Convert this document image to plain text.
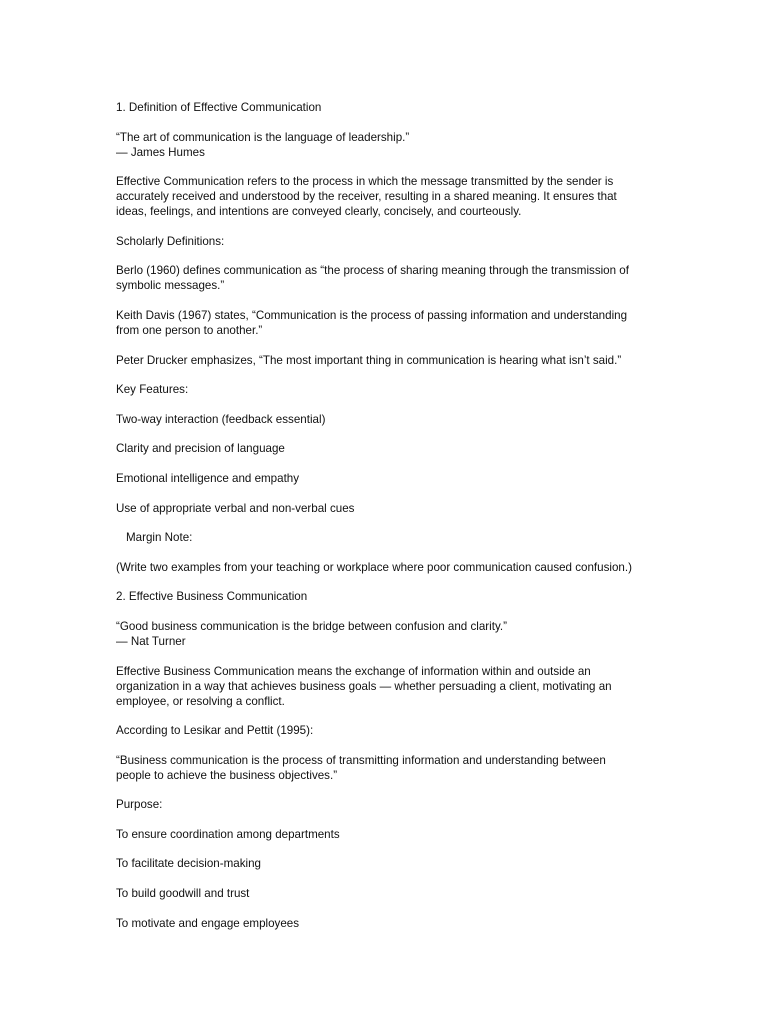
1. Definition of Effective Communication

“The art of communication is the language of leadership.”
— James Humes

Effective Communication refers to the process in which the message transmitted by the sender is
accurately received and understood by the receiver, resulting in a shared meaning. It ensures that
ideas, feelings, and intentions are conveyed clearly, concisely, and courteously.

Scholarly Definitions:

Berlo (1960) defines communication as “the process of sharing meaning through the transmission of
symbolic messages.”

Keith Davis (1967) states, “Communication is the process of passing information and understanding
from one person to another.”

Peter Drucker emphasizes, “The most important thing in communication is hearing what isn’t said.”

Key Features:

Two-way interaction (feedback essential)

Clarity and precision of language

Emotional intelligence and empathy

Use of appropriate verbal and non-verbal cues

Margin Note:

(Write two examples from your teaching or workplace where poor communication caused confusion.)

2. Effective Business Communication

“Good business communication is the bridge between confusion and clarity.”
— Nat Turner

Effective Business Communication means the exchange of information within and outside an
organization in a way that achieves business goals — whether persuading a client, motivating an
employee, or resolving a conflict.

According to Lesikar and Pettit (1995):

“Business communication is the process of transmitting information and understanding between
people to achieve the business objectives.”

Purpose:

To ensure coordination among departments

To facilitate decision-making

To build goodwill and trust

To motivate and engage employees
